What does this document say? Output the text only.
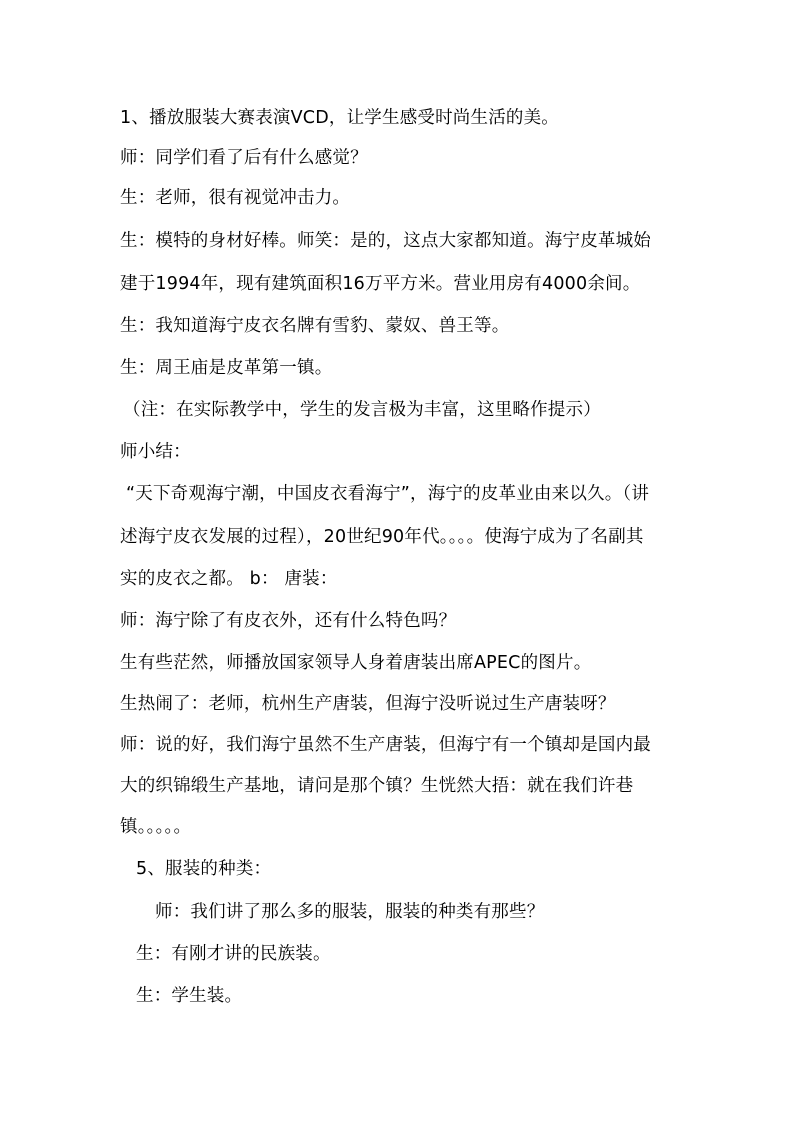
1、播放服装大赛表演VCD，让学生感受时尚生活的美。
师：同学们看了后有什么感觉？
生：老师，很有视觉冲击力。
生：模特的身材好棒。师笑：是的，这点大家都知道。海宁皮革城始
建于1994年，现有建筑面积16万平方米。营业用房有4000余间。
生：我知道海宁皮衣名牌有雪豹、蒙奴、兽王等。
生：周王庙是皮革第一镇。
（注：在实际教学中，学生的发言极为丰富，这里略作提示）
师小结：
“天下奇观海宁潮，中国皮衣看海宁”，海宁的皮革业由来以久。（讲
述海宁皮衣发展的过程），20世纪90年代。。。。使海宁成为了名副其
实的皮衣之都。 b： 唐装：
师：海宁除了有皮衣外，还有什么特色吗？
生有些茫然，师播放国家领导人身着唐装出席APEC的图片。
生热闹了：老师，杭州生产唐装，但海宁没听说过生产唐装呀？
师：说的好，我们海宁虽然不生产唐装，但海宁有一个镇却是国内最
大的织锦缎生产基地，请问是那个镇？生恍然大捂：就在我们许巷
镇。。。。。
5、服装的种类：
师：我们讲了那么多的服装，服装的种类有那些？
生：有刚才讲的民族装。
生：学生装。
